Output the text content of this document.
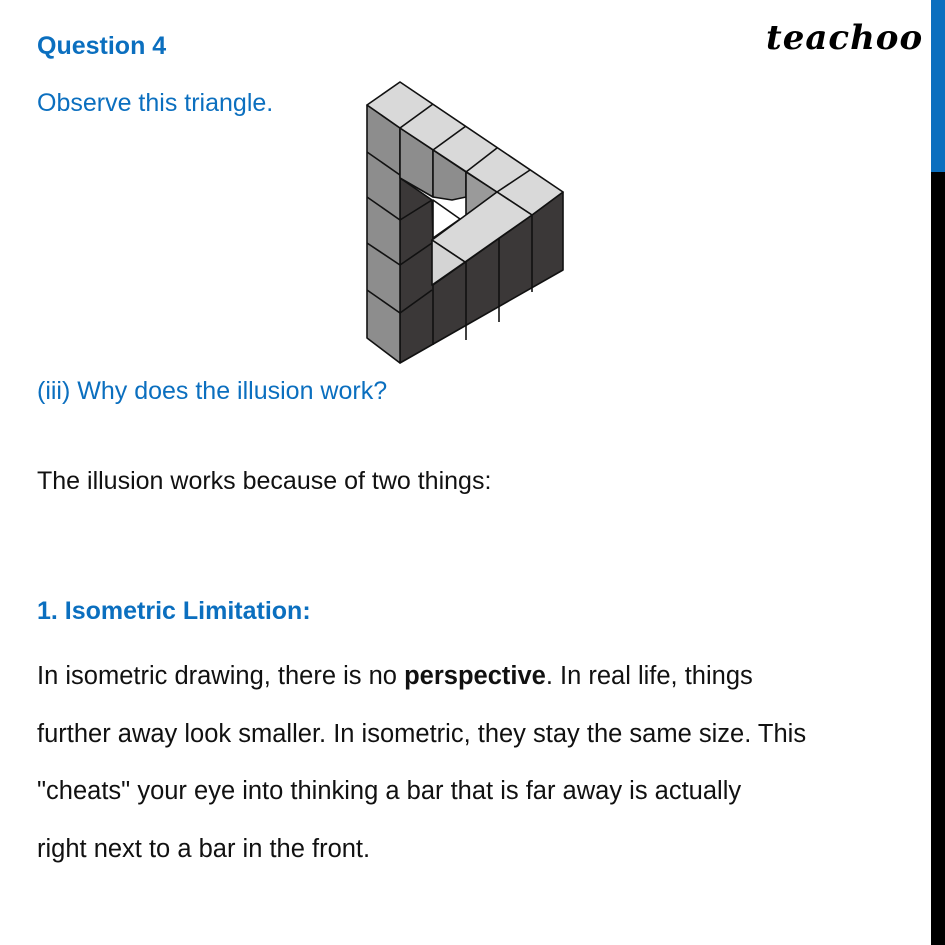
teachoo
Question 4
Observe this triangle.
(iii) Why does the illusion work?
The illusion works because of two things:
1. Isometric Limitation:
In isometric drawing, there is no perspective. In real life, things
further away look smaller. In isometric, they stay the same size. This
"cheats" your eye into thinking a bar that is far away is actually
right next to a bar in the front.
